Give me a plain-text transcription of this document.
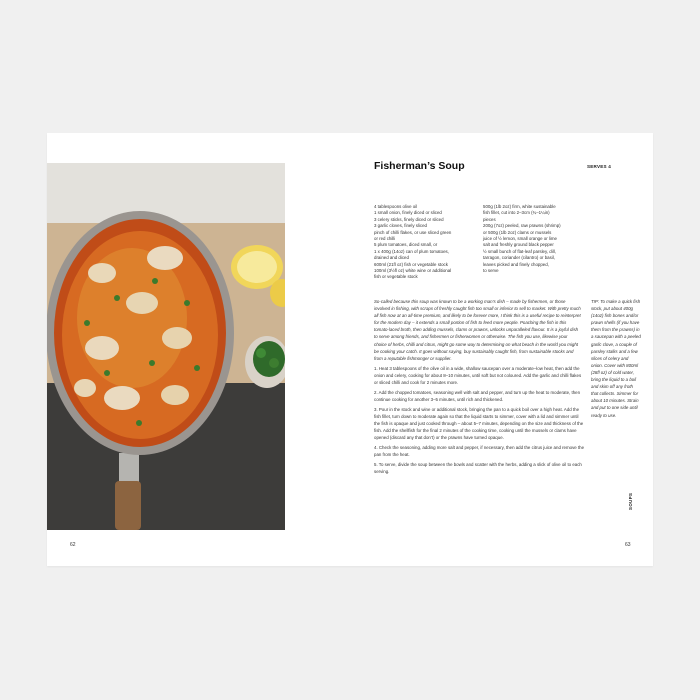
62
Fisherman’s Soup	SERVES 4
4 tablespoons olive oil
1 small onion, finely diced or sliced
3 celery sticks, finely diced or sliced
3 garlic cloves, finely sliced
pinch of chilli flakes, or use sliced green
or red chilli
5 plum tomatoes, diced small, or
1 x 400g (14oz) can of plum tomatoes,
drained and diced
600ml (21fl oz) fish or vegetable stock
100ml (3½fl oz) white wine or additional
fish or vegetable stock
500g (1lb 2oz) firm, white sustainable
fish fillet, cut into 2–3cm (¾–1¼in)
pieces
200g (7oz) peeled, raw prawns (shrimp)
or 500g (1lb 2oz) clams or mussels
juice of ½ lemon, small orange or lime
salt and freshly ground black pepper
½ small bunch of flat-leaf parsley, dill,
tarragon, coriander (cilantro) or basil,
leaves picked and finely chopped,
to serve
So-called because this soup was known to be a working man’s dish – made by fishermen, or those involved in fishing, with scraps of freshly caught fish too small or inferior to sell to market. With pretty much all fish now at an all-time premium, and likely to be forever more, I think this is a useful recipe to reinterpret for the modern day – it extends a small portion of fish to feed more people. Poaching the fish in this tomato-laced broth, then adding mussels, clams or prawns, unlocks unparalleled flavour. It is a joyful dish to serve among friends, and fishermen or fisherwomen or otherwise. The fish you use, likewise your choice of herbs, chilli and citrus, might go some way to determining on what beach in the world you might be cooking your catch. It goes without saying, buy sustainably caught fish, from sustainable stocks and from a reputable fishmonger or supplier.
TIP: To make a quick fish stock, put about 400g (14oz) fish bones and/or prawn shells (if you have them from the prawns) in a saucepan with a peeled garlic clove, a couple of parsley stalks and a few slices of celery and onion. Cover with 800ml (28fl oz) of cold water, bring the liquid to a boil and skim off any froth that collects. Simmer for about 10 minutes. Strain and put to one side until ready to use.
1. Heat 3 tablespoons of the olive oil in a wide, shallow saucepan over a moderate–low heat, then add the onion and celery, cooking for about 8–10 minutes, until soft but not coloured. Add the garlic and chilli flakes or sliced chilli and cook for 2 minutes more.
2. Add the chopped tomatoes, seasoning well with salt and pepper, and turn up the heat to moderate, then continue cooking for another 3–5 minutes, until rich and thickened.
3. Pour in the stock and wine or additional stock, bringing the pan to a quick boil over a high heat. Add the fish fillet, turn down to moderate again so that the liquid starts to simmer, cover with a lid and simmer until the fish is opaque and just cooked through – about 5–7 minutes, depending on the size and thickness of the fish. Add the shellfish for the final 2 minutes of the cooking time, cooking until the mussels or clams have opened (discard any that don’t) or the prawns have turned opaque.
4. Check the seasoning, adding more salt and pepper, if necessary, then add the citrus juice and remove the pan from the heat.
5. To serve, divide the soup between the bowls and scatter with the herbs, adding a slick of olive oil to each serving.
SOUPS
63
